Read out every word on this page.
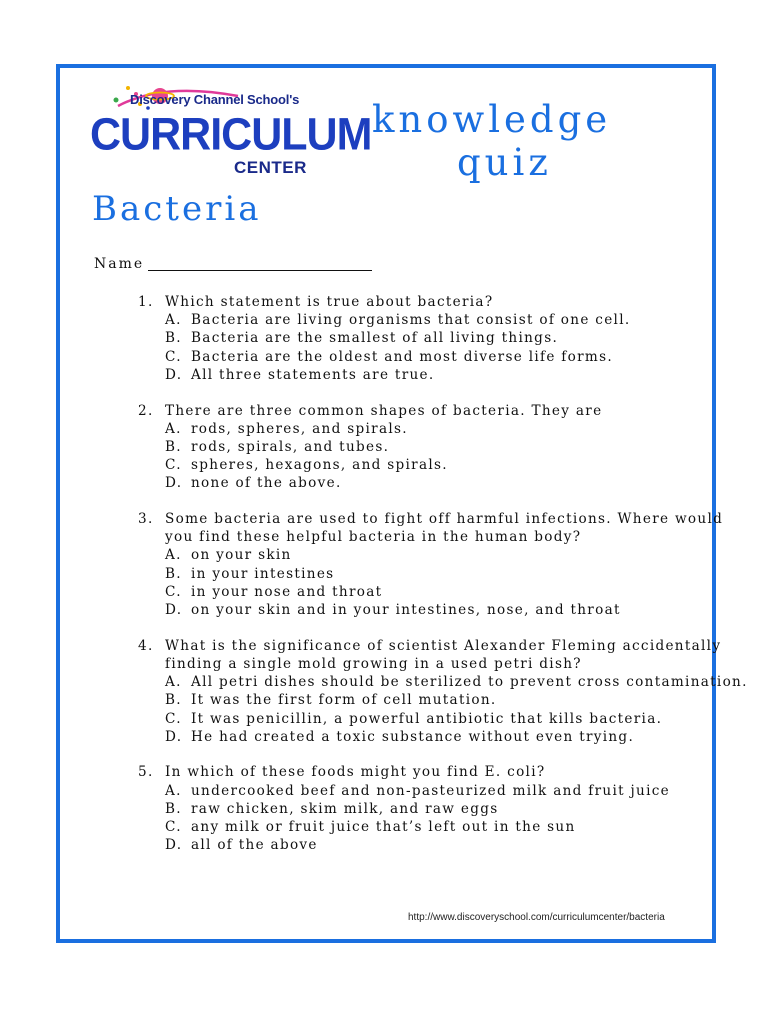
Discovery Channel School's
CURRICULUM
CENTER
knowledge
quiz
Bacteria
Name
1. Which statement is true about bacteria?
A. Bacteria are living organisms that consist of one cell.
B. Bacteria are the smallest of all living things.
C. Bacteria are the oldest and most diverse life forms.
D. All three statements are true.
2. There are three common shapes of bacteria. They are
A. rods, spheres, and spirals.
B. rods, spirals, and tubes.
C. spheres, hexagons, and spirals.
D. none of the above.
3. Some bacteria are used to fight off harmful infections. Where would
you find these helpful bacteria in the human body?
A. on your skin
B. in your intestines
C. in your nose and throat
D. on your skin and in your intestines, nose, and throat
4. What is the significance of scientist Alexander Fleming accidentally
finding a single mold growing in a used petri dish?
A. All petri dishes should be sterilized to prevent cross contamination.
B. It was the first form of cell mutation.
C. It was penicillin, a powerful antibiotic that kills bacteria.
D. He had created a toxic substance without even trying.
5. In which of these foods might you find E. coli?
A. undercooked beef and non-pasteurized milk and fruit juice
B. raw chicken, skim milk, and raw eggs
C. any milk or fruit juice that’s left out in the sun
D. all of the above
http://www.discoveryschool.com/curriculumcenter/bacteria
